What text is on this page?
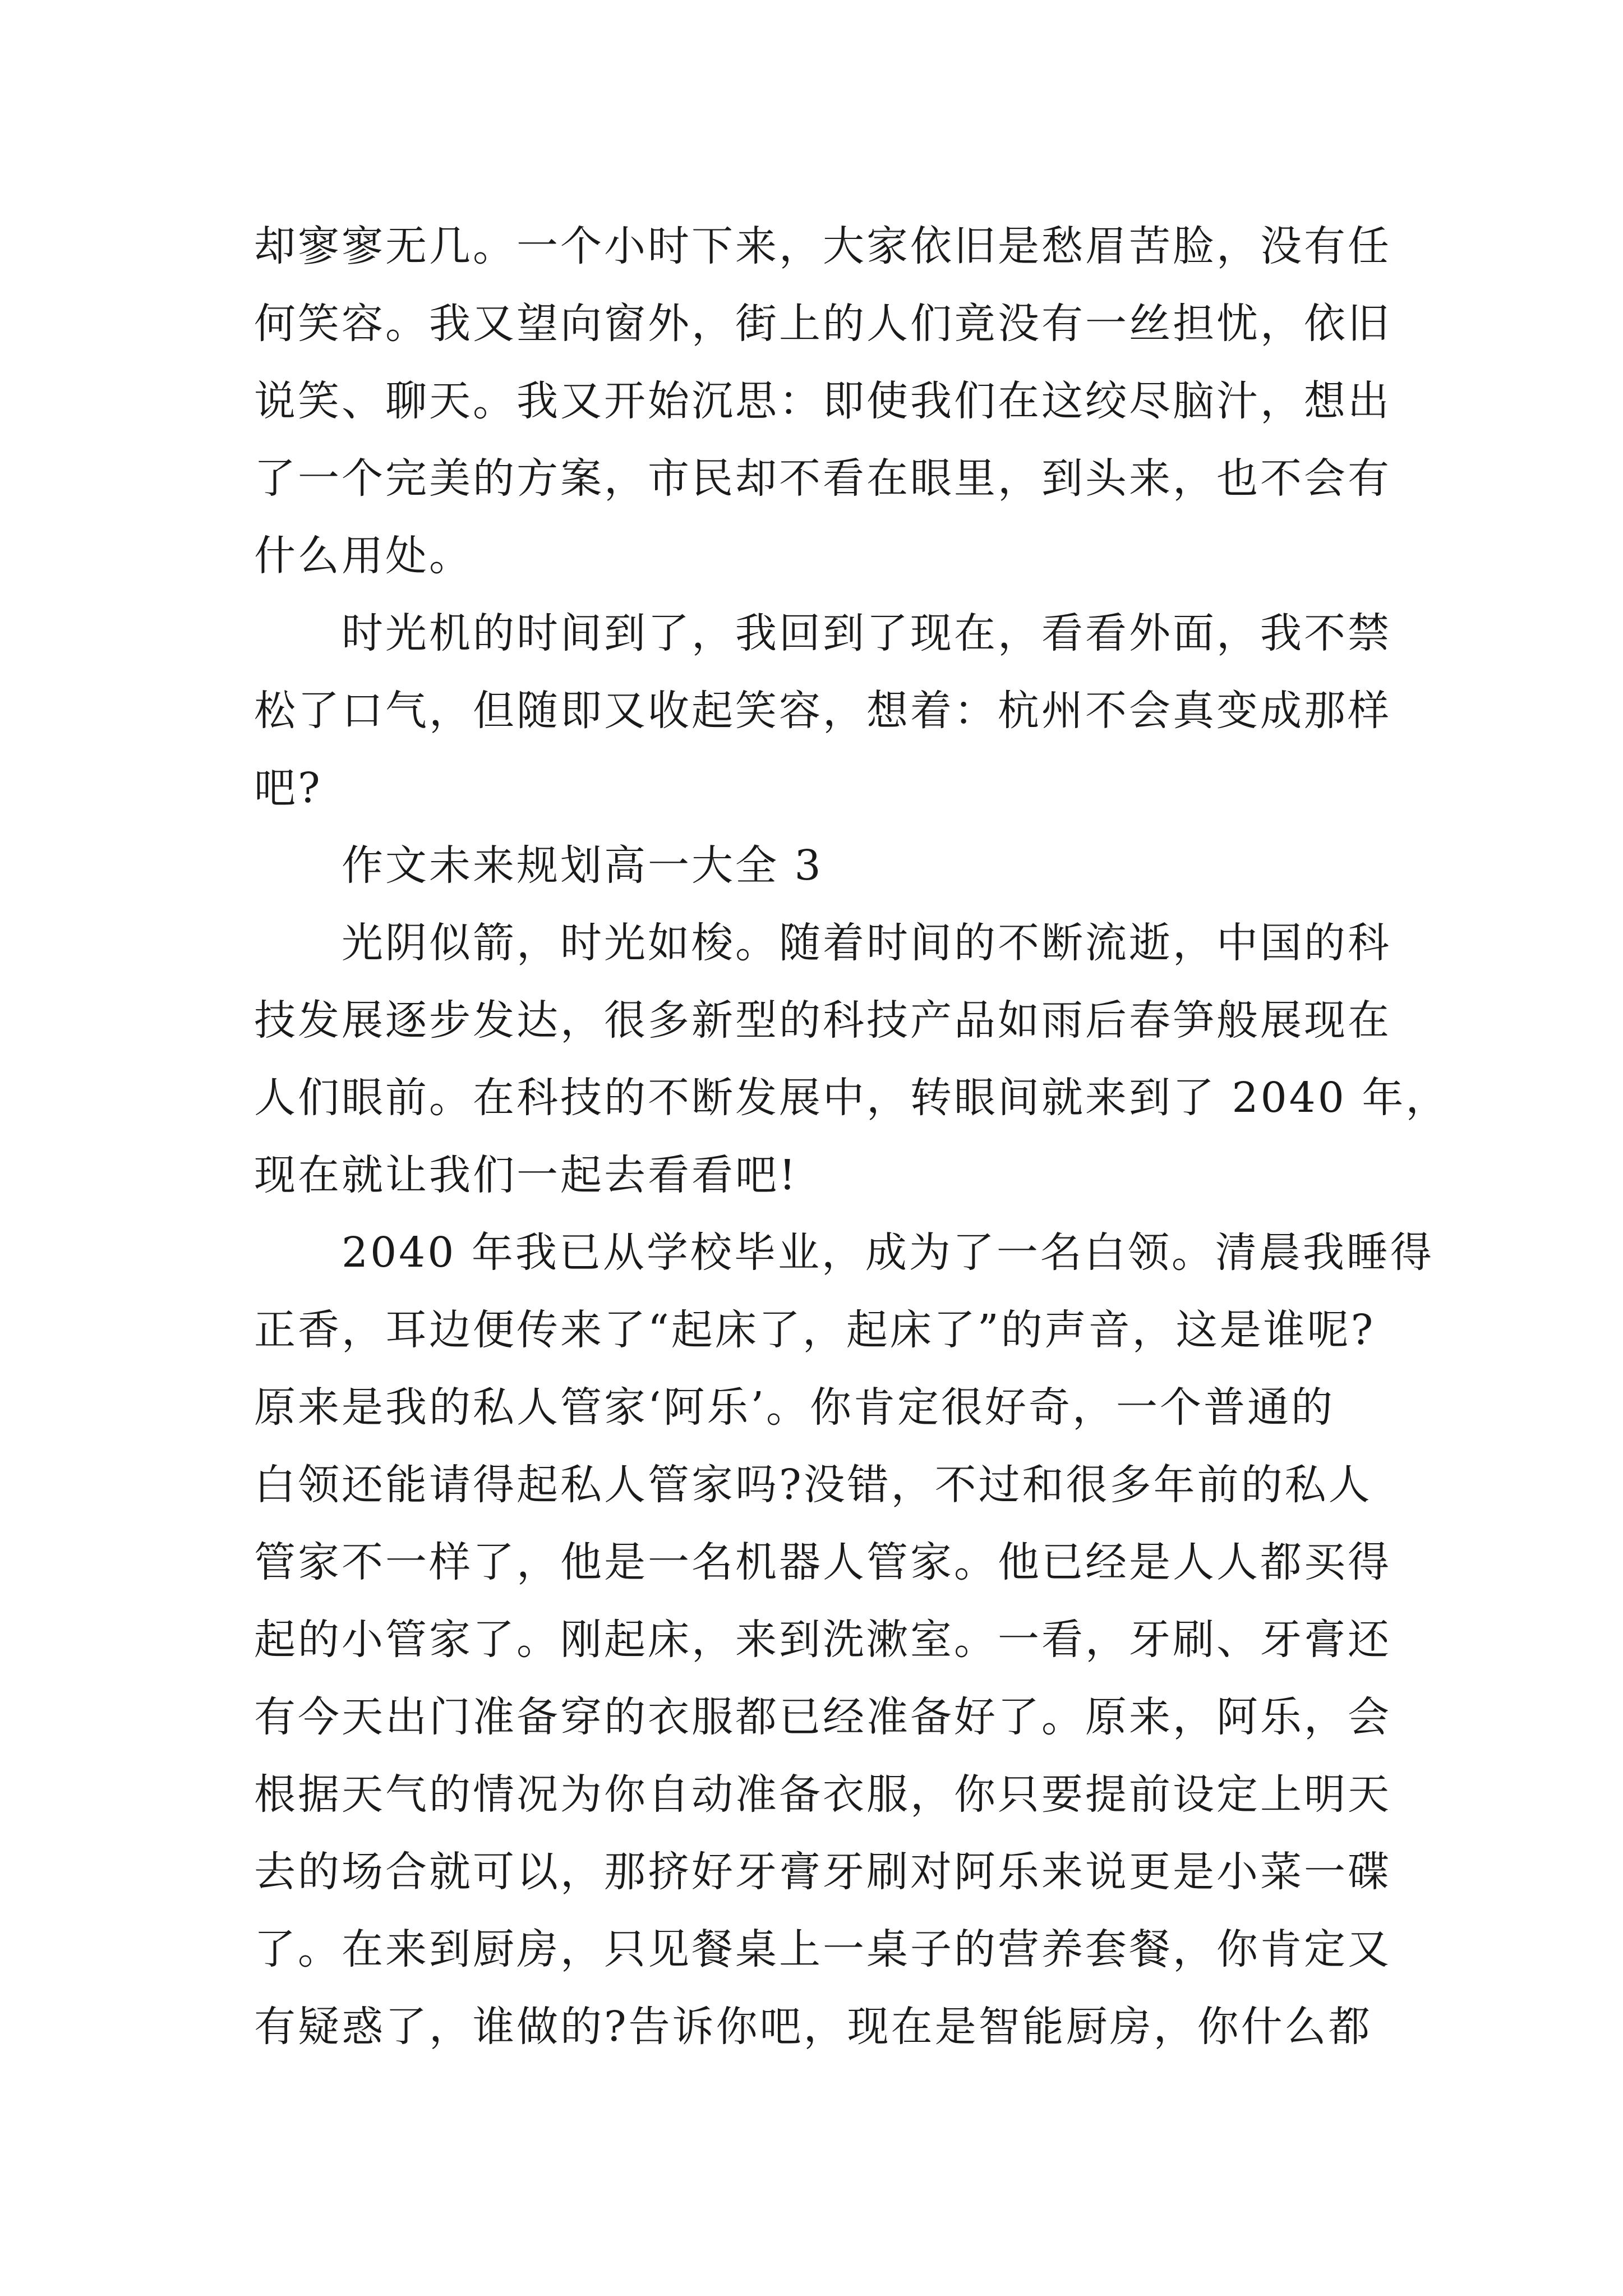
却寥寥无几。一个小时下来，大家依旧是愁眉苦脸，没有任
何笑容。我又望向窗外，街上的人们竟没有一丝担忧，依旧
说笑、聊天。我又开始沉思：即使我们在这绞尽脑汁，想出
了一个完美的方案，市民却不看在眼里，到头来，也不会有
什么用处。
　　时光机的时间到了，我回到了现在，看看外面，我不禁
松了口气，但随即又收起笑容，想着：杭州不会真变成那样
吧?
　　作文未来规划高一大全 3
　　光阴似箭，时光如梭。随着时间的不断流逝，中国的科
技发展逐步发达，很多新型的科技产品如雨后春笋般展现在
人们眼前。在科技的不断发展中，转眼间就来到了 2040 年，
现在就让我们一起去看看吧!
　　2040 年我已从学校毕业，成为了一名白领。清晨我睡得
正香，耳边便传来了“起床了，起床了”的声音，这是谁呢?
原来是我的私人管家‘阿乐’。你肯定很好奇，一个普通的
白领还能请得起私人管家吗?没错，不过和很多年前的私人
管家不一样了，他是一名机器人管家。他已经是人人都买得
起的小管家了。刚起床，来到洗漱室。一看，牙刷、牙膏还
有今天出门准备穿的衣服都已经准备好了。原来，阿乐，会
根据天气的情况为你自动准备衣服，你只要提前设定上明天
去的场合就可以，那挤好牙膏牙刷对阿乐来说更是小菜一碟
了。在来到厨房，只见餐桌上一桌子的营养套餐，你肯定又
有疑惑了，谁做的?告诉你吧，现在是智能厨房，你什么都
